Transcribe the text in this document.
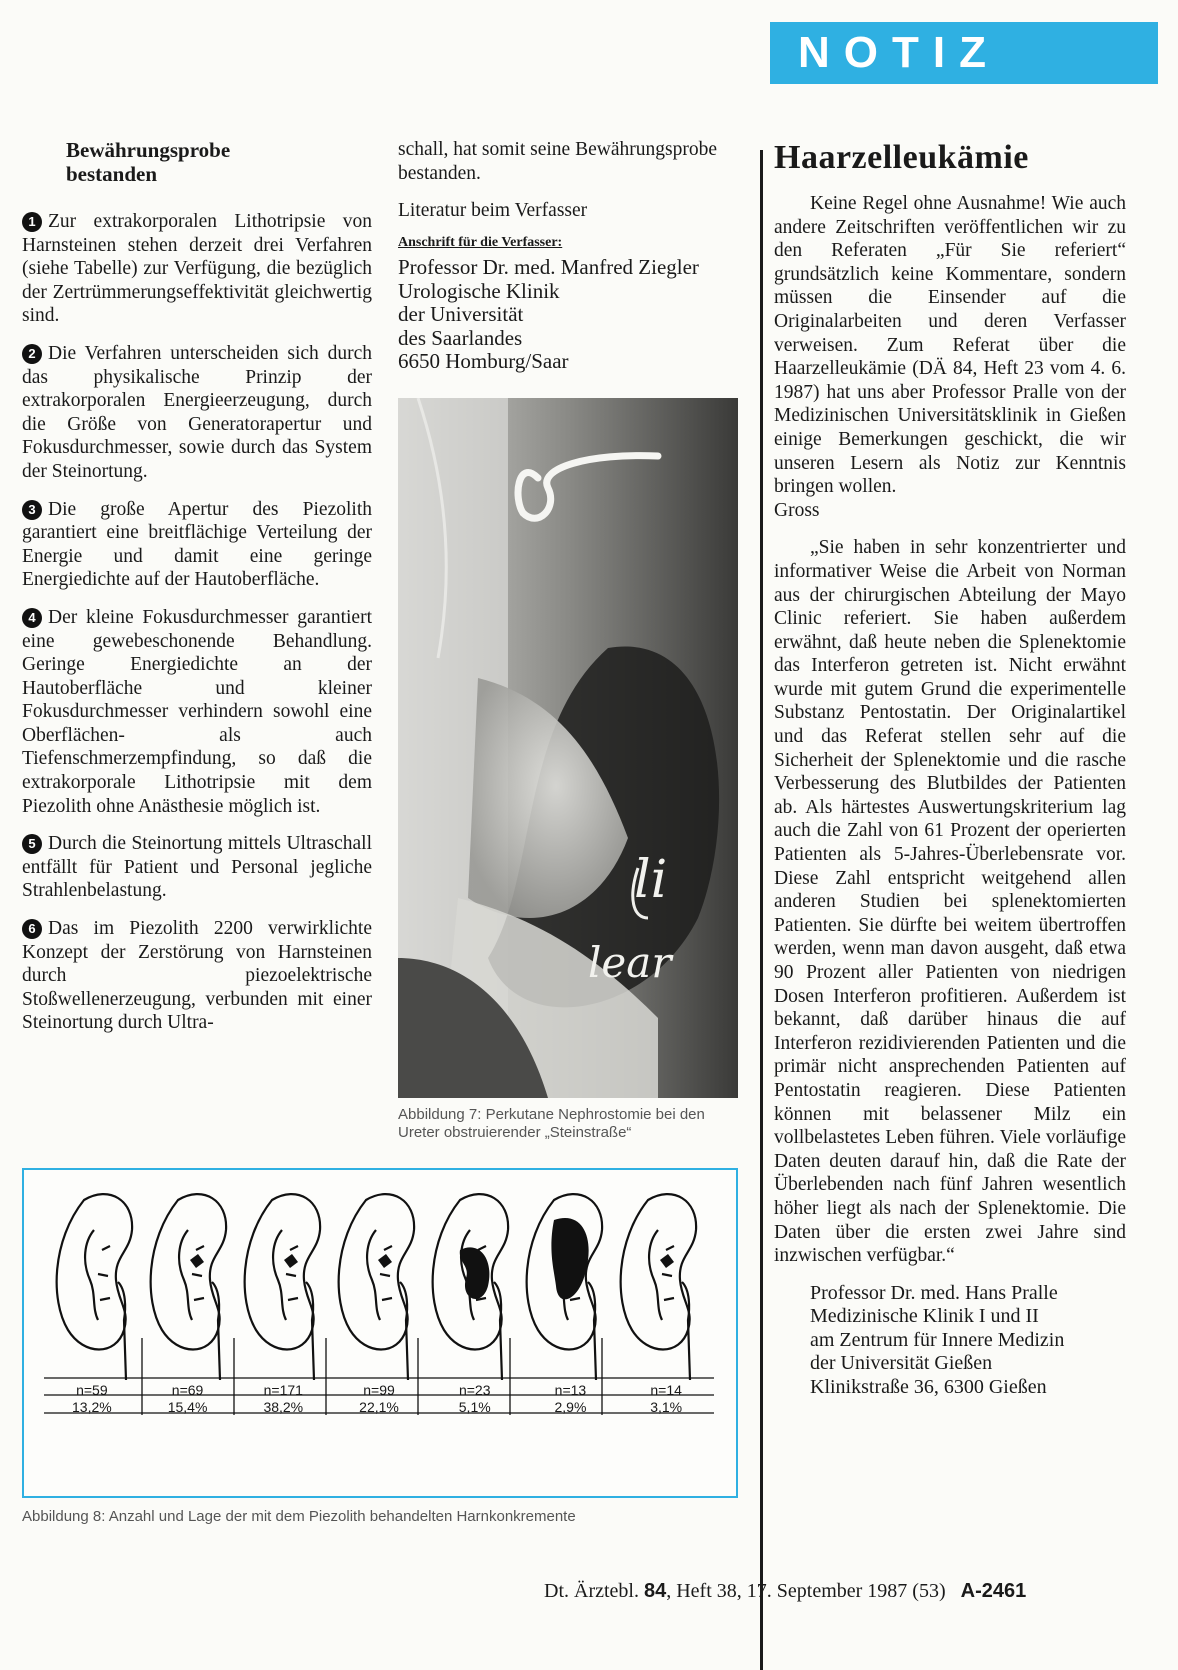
NOTIZ
Bewährungsprobe
bestanden

1 Zur extrakorporalen Lithotripsie von Harnsteinen stehen derzeit drei Verfahren (siehe Tabelle) zur Verfügung, die bezüglich der Zertrümmerungseffektivität gleichwertig sind.

2 Die Verfahren unterscheiden sich durch das physikalische Prinzip der extrakorporalen Energieerzeugung, durch die Größe von Generatorapertur und Fokusdurchmesser, sowie durch das System der Steinortung.

3 Die große Apertur des Piezolith garantiert eine breitflächige Verteilung der Energie und damit eine geringe Energiedichte auf der Hautoberfläche.

4 Der kleine Fokusdurchmesser garantiert eine gewebeschonende Behandlung. Geringe Energiedichte an der Hautoberfläche und kleiner Fokusdurchmesser verhindern sowohl eine Oberflächen- als auch Tiefenschmerzempfindung, so daß die extrakorporale Lithotripsie mit dem Piezolith ohne Anästhesie möglich ist.

5 Durch die Steinortung mittels Ultraschall entfällt für Patient und Personal jegliche Strahlenbelastung.

6 Das im Piezolith 2200 verwirklichte Konzept der Zerstörung von Harnsteinen durch piezoelektrische Stoßwellenerzeugung, verbunden mit einer Steinortung durch Ultra-

schall, hat somit seine Bewährungsprobe bestanden.

Literatur beim Verfasser

Anschrift für die Verfasser:
Professor Dr. med. Manfred Ziegler
Urologische Klinik
der Universität
des Saarlandes
6650 Homburg/Saar
li
lear
Abbildung 7: Perkutane Nephrostomie bei den Ureter obstruierender „Steinstraße“
n=59	n=69	n=171	n=99	n=23	n=13	n=14
13,2%	15,4%	38,2%	22,1%	5,1%	2,9%	3,1%
Abbildung 8: Anzahl und Lage der mit dem Piezolith behandelten Harnkonkremente
Haarzelleukämie

Keine Regel ohne Ausnahme! Wie auch andere Zeitschriften veröffentlichen wir zu den Referaten „Für Sie referiert“ grundsätzlich keine Kommentare, sondern müssen die Einsender auf die Originalarbeiten und deren Verfasser verweisen. Zum Referat über die Haarzelleukämie (DÄ 84, Heft 23 vom 4. 6. 1987) hat uns aber Professor Pralle von der Medizinischen Universitätsklinik in Gießen einige Bemerkungen geschickt, die wir unseren Lesern als Notiz zur Kenntnis bringen wollen.

Gross

„Sie haben in sehr konzentrierter und informativer Weise die Arbeit von Norman aus der chirurgischen Abteilung der Mayo Clinic referiert. Sie haben außerdem erwähnt, daß heute neben die Splenektomie das Interferon getreten ist. Nicht erwähnt wurde mit gutem Grund die experimentelle Substanz Pentostatin. Der Originalartikel und das Referat stellen sehr auf die Sicherheit der Splenektomie und die rasche Verbesserung des Blutbildes der Patienten ab. Als härtestes Auswertungskriterium lag auch die Zahl von 61 Prozent der operierten Patienten als 5-Jahres-Überlebensrate vor. Diese Zahl entspricht weitgehend allen anderen Studien bei splenektomierten Patienten. Sie dürfte bei weitem übertroffen werden, wenn man davon ausgeht, daß etwa 90 Prozent aller Patienten von niedrigen Dosen Interferon profitieren. Außerdem ist bekannt, daß darüber hinaus die auf Interferon rezidivierenden Patienten und die primär nicht ansprechenden Patienten auf Pentostatin reagieren. Diese Patienten können mit belassener Milz ein vollbelastetes Leben führen. Viele vorläufige Daten deuten darauf hin, daß die Rate der Überlebenden nach fünf Jahren wesentlich höher liegt als nach der Splenektomie. Die Daten über die ersten zwei Jahre sind inzwischen verfügbar.“

Professor Dr. med. Hans Pralle
Medizinische Klinik I und II
am Zentrum für Innere Medizin
der Universität Gießen
Klinikstraße 36, 6300 Gießen
Dt. Ärztebl. 84, Heft 38, 17. September 1987 (53) A-2461
